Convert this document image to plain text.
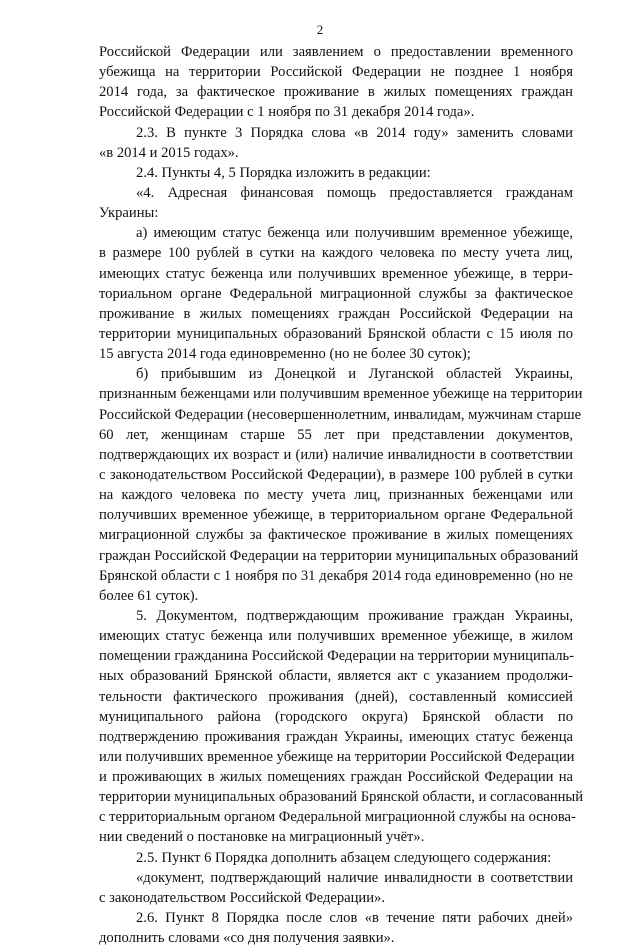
2
Российской Федерации или заявлением о предоставлении временного
убежища на территории Российской Федерации не позднее 1 ноября
2014 года, за фактическое проживание в жилых помещениях граждан
Российской Федерации с 1 ноября по 31 декабря 2014 года».
2.3. В пункте 3 Порядка слова «в 2014 году» заменить словами
«в 2014 и 2015 годах».
2.4. Пункты 4, 5 Порядка изложить в редакции:
«4. Адресная финансовая помощь предоставляется гражданам
Украины:
а) имеющим статус беженца или получившим временное убежище,
в размере 100 рублей в сутки на каждого человека по месту учета лиц,
имеющих статус беженца или получивших временное убежище, в терри-
ториальном органе Федеральной миграционной службы за фактическое
проживание в жилых помещениях граждан Российской Федерации на
территории муниципальных образований Брянской области с 15 июля по
15 августа 2014 года единовременно (но не более 30 суток);
б) прибывшим из Донецкой и Луганской областей Украины,
признанным беженцами или получившим временное убежище на территории
Российской Федерации (несовершеннолетним, инвалидам, мужчинам старше
60 лет, женщинам старше 55 лет при представлении документов,
подтверждающих их возраст и (или) наличие инвалидности в соответствии
с законодательством Российской Федерации), в размере 100 рублей в сутки
на каждого человека по месту учета лиц, признанных беженцами или
получивших временное убежище, в территориальном органе Федеральной
миграционной службы за фактическое проживание в жилых помещениях
граждан Российской Федерации на территории муниципальных образований
Брянской области с 1 ноября по 31 декабря 2014 года единовременно (но не
более 61 суток).
5. Документом, подтверждающим проживание граждан Украины,
имеющих статус беженца или получивших временное убежище, в жилом
помещении гражданина Российской Федерации на территории муниципаль-
ных образований Брянской области, является акт с указанием продолжи-
тельности фактического проживания (дней), составленный комиссией
муниципального района (городского округа) Брянской области по
подтверждению проживания граждан Украины, имеющих статус беженца
или получивших временное убежище на территории Российской Федерации
и проживающих в жилых помещениях граждан Российской Федерации на
территории муниципальных образований Брянской области, и согласованный
с территориальным органом Федеральной миграционной службы на основа-
нии сведений о постановке на миграционный учёт».
2.5. Пункт 6 Порядка дополнить абзацем следующего содержания:
«документ, подтверждающий наличие инвалидности в соответствии
с законодательством Российской Федерации».
2.6. Пункт 8 Порядка после слов «в течение пяти рабочих дней»
дополнить словами «со дня получения заявки».
